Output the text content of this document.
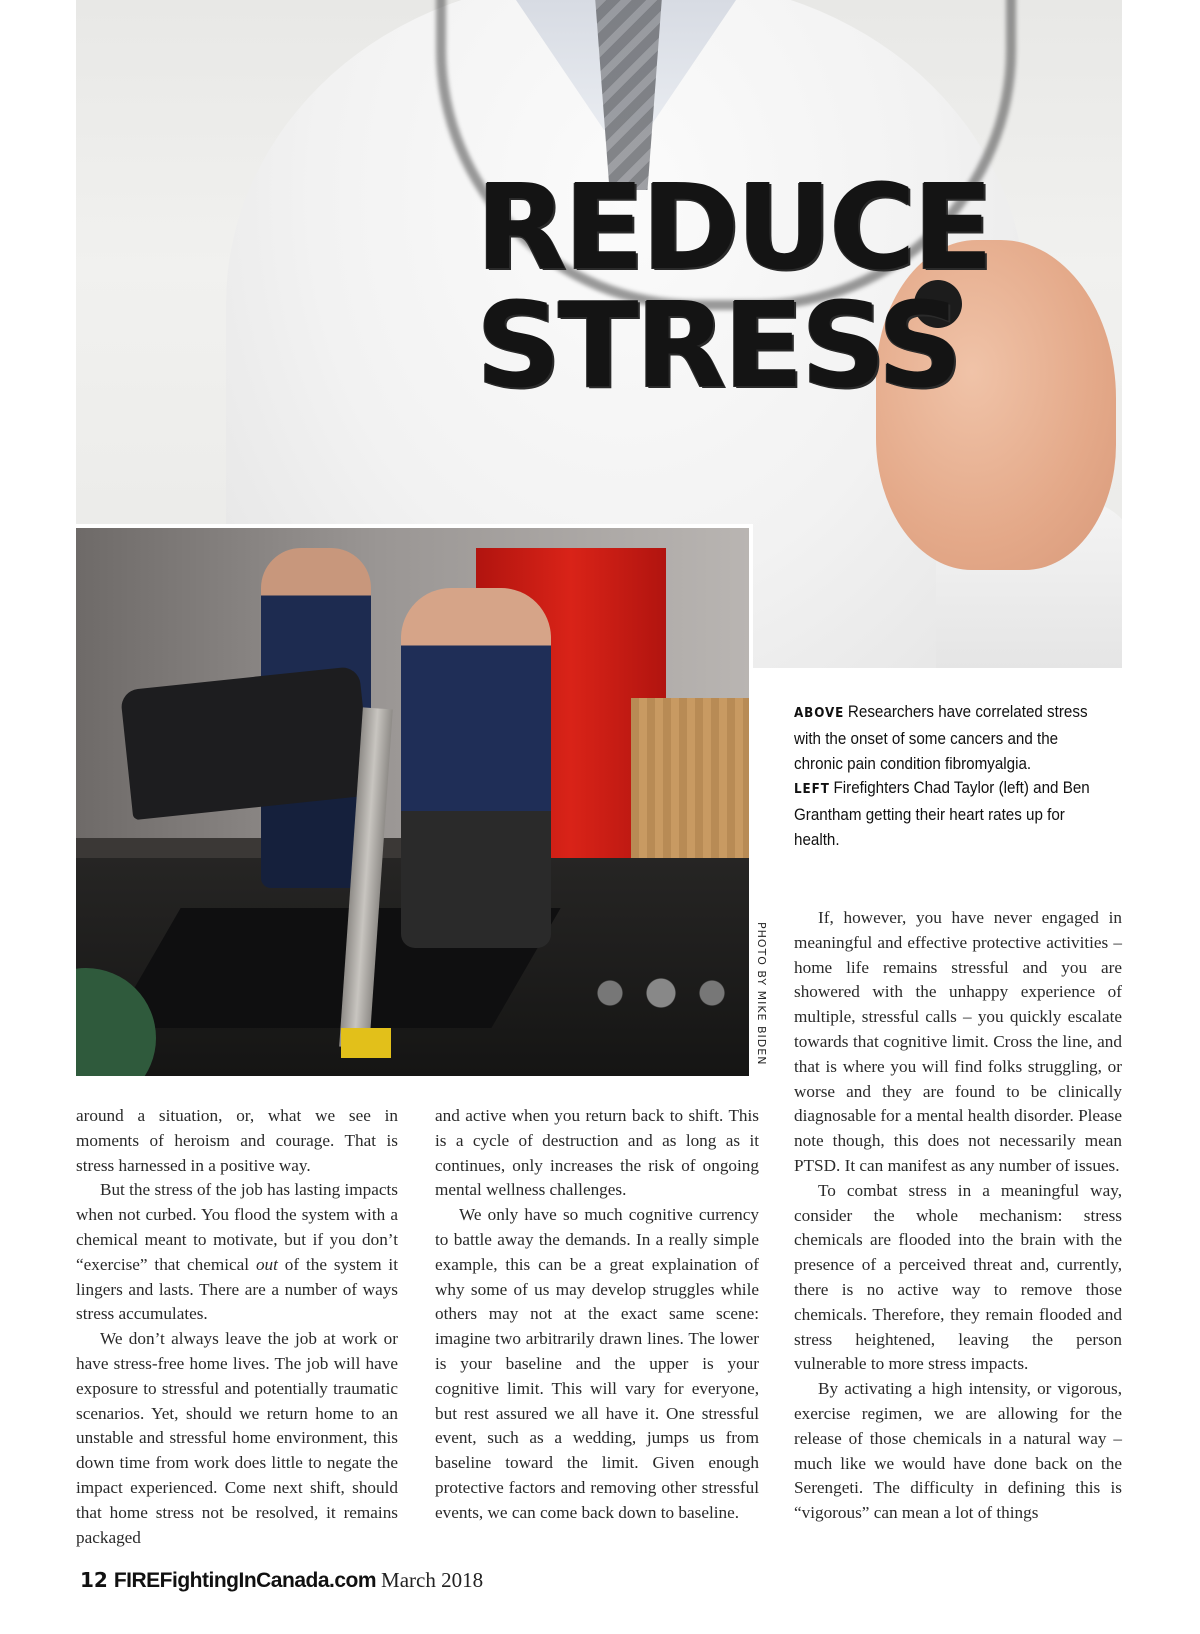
REDUCE
STRESS
PHOTO BY MIKE BIDEN

ABOVE Researchers have correlated stress with the onset of some cancers and the chronic pain condition fibromyalgia.

LEFT Firefighters Chad Taylor (left) and Ben Grantham getting their heart rates up for health.

around a situation, or, what we see in moments of heroism and courage. That is stress harnessed in a positive way.

But the stress of the job has lasting impacts when not curbed. You flood the system with a chemical meant to motivate, but if you don’t “exercise” that chemical out of the system it lingers and lasts. There are a number of ways stress accumulates.

We don’t always leave the job at work or have stress-free home lives. The job will have exposure to stressful and potentially traumatic scenarios. Yet, should we return home to an unstable and stressful home environment, this down time from work does little to negate the impact experienced. Come next shift, should that home stress not be resolved, it remains packaged

and active when you return back to shift. This is a cycle of destruction and as long as it continues, only increases the risk of ongoing mental wellness challenges.

We only have so much cognitive currency to battle away the demands. In a really simple example, this can be a great explaination of why some of us may develop struggles while others may not at the exact same scene: imagine two arbitrarily drawn lines. The lower is your baseline and the upper is your cognitive limit. This will vary for everyone, but rest assured we all have it. One stressful event, such as a wedding, jumps us from baseline toward the limit. Given enough protective factors and removing other stressful events, we can come back down to baseline.

If, however, you have never engaged in meaningful and effective protective activities – home life remains stressful and you are showered with the unhappy experience of multiple, stressful calls – you quickly escalate towards that cognitive limit. Cross the line, and that is where you will find folks struggling, or worse and they are found to be clinically diagnosable for a mental health disorder. Please note though, this does not necessarily mean PTSD. It can manifest as any number of issues.

To combat stress in a meaningful way, consider the whole mechanism: stress chemicals are flooded into the brain with the presence of a perceived threat and, currently, there is no active way to remove those chemicals. Therefore, they remain flooded and stress heightened, leaving the person vulnerable to more stress impacts.

By activating a high intensity, or vigorous, exercise regimen, we are allowing for the release of those chemicals in a natural way – much like we would have done back on the Serengeti. The difficulty in defining this is “vigorous” can mean a lot of things

12 FIREFightingInCanada.com March 2018
